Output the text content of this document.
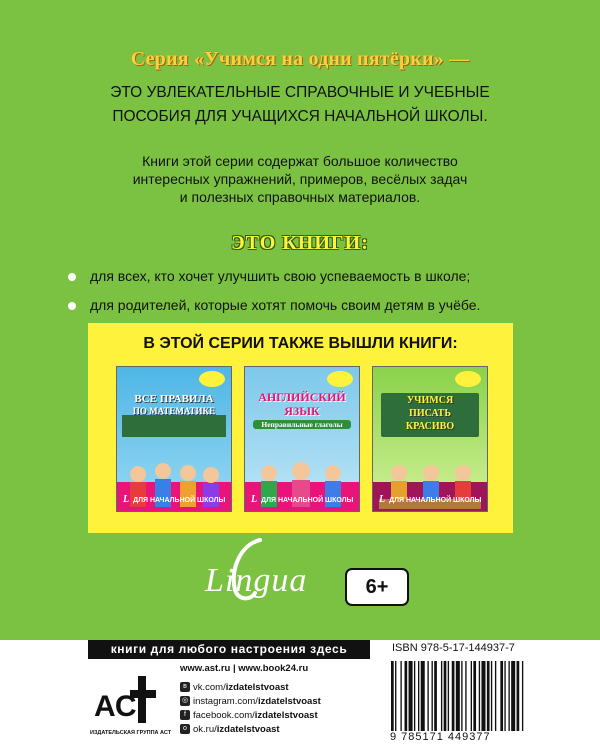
Серия «Учимся на одни пятёрки» —
ЭТО УВЛЕКАТЕЛЬНЫЕ СПРАВОЧНЫЕ И УЧЕБНЫЕ
ПОСОБИЯ ДЛЯ УЧАЩИХСЯ НАЧАЛЬНОЙ ШКОЛЫ.
Книги этой серии содержат большое количество
интересных упражнений, примеров, весёлых задач
и полезных справочных материалов.
ЭТО КНИГИ:
для всех, кто хочет улучшить свою успеваемость в школе;
для родителей, которые хотят помочь своим детям в учёбе.
В ЭТОЙ СЕРИИ ТАКЖЕ ВЫШЛИ КНИГИ:
ВСЕ ПРАВИЛА
ПО МАТЕМАТИКЕ
L ДЛЯ НАЧАЛЬНОЙ ШКОЛЫ
АНГЛИЙСКИЙ
ЯЗЫК
Неправильные глаголы
L ДЛЯ НАЧАЛЬНОЙ ШКОЛЫ
УЧИМСЯ
ПИСАТЬ
КРАСИВО
L ДЛЯ НАЧАЛЬНОЙ ШКОЛЫ
Lingua	6+
книги для любого настроения здесь
АС
ИЗДАТЕЛЬСКАЯ ГРУППА АСТ
www.ast.ru | www.book24.ru
в vk.com/izdatelstvoast
◎ instagram.com/izdatelstvoast
f facebook.com/izdatelstvoast
о ok.ru/izdatelstvoast
ISBN 978-5-17-144937-7
9 785171 449377
